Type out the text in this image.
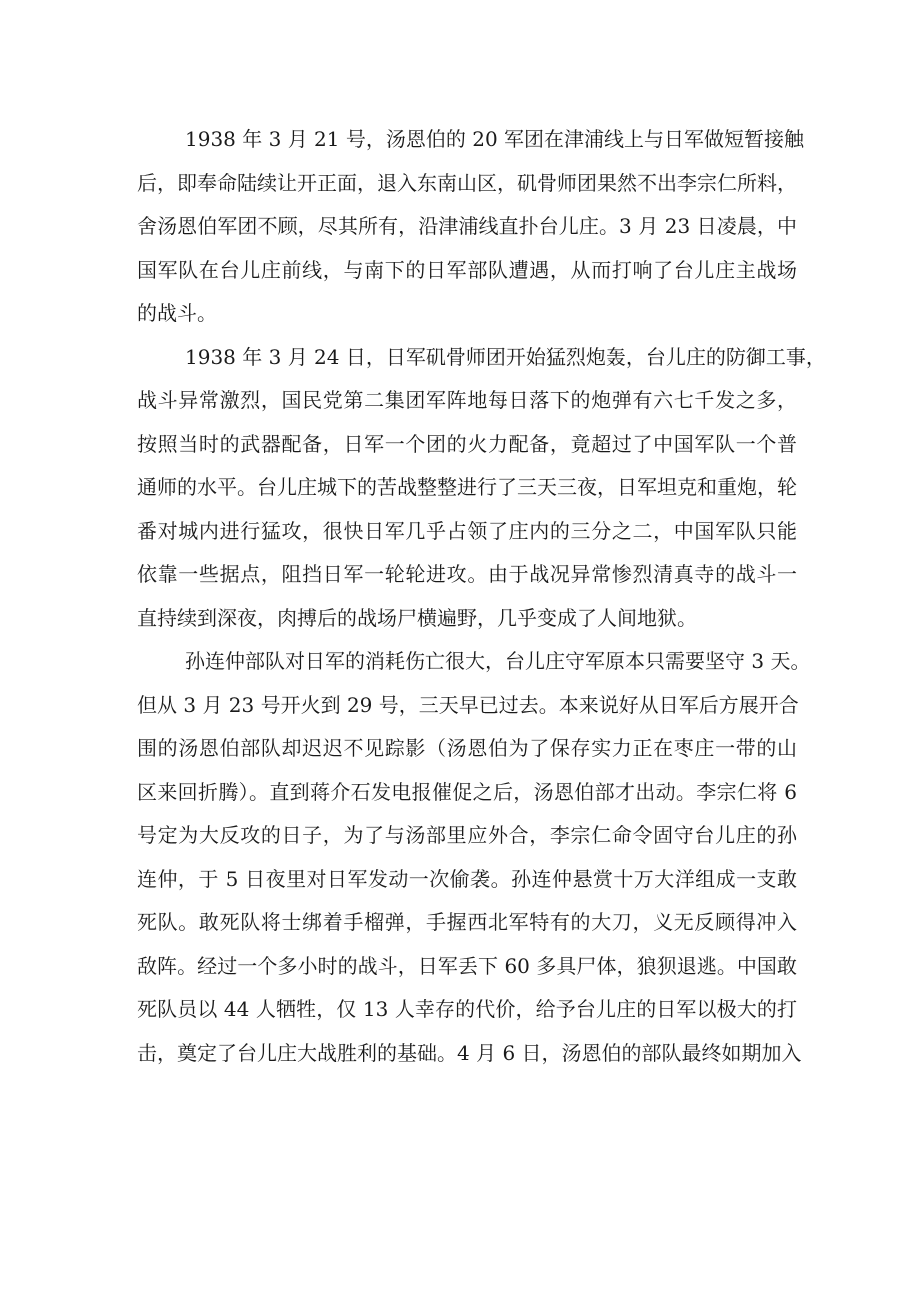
1938 年 3 月 21 号，汤恩伯的 20 军团在津浦线上与日军做短暂接触
后，即奉命陆续让开正面，退入东南山区，矶骨师团果然不出李宗仁所料，
舍汤恩伯军团不顾，尽其所有，沿津浦线直扑台儿庄。3 月 23 日凌晨，中
国军队在台儿庄前线，与南下的日军部队遭遇，从而打响了台儿庄主战场
的战斗。
1938 年 3 月 24 日，日军矶骨师团开始猛烈炮轰，台儿庄的防御工事，
战斗异常激烈，国民党第二集团军阵地每日落下的炮弹有六七千发之多，
按照当时的武器配备，日军一个团的火力配备，竟超过了中国军队一个普
通师的水平。台儿庄城下的苦战整整进行了三天三夜，日军坦克和重炮，轮
番对城内进行猛攻，很快日军几乎占领了庄内的三分之二，中国军队只能
依靠一些据点，阻挡日军一轮轮进攻。由于战况异常惨烈清真寺的战斗一
直持续到深夜，肉搏后的战场尸横遍野，几乎变成了人间地狱。
孙连仲部队对日军的消耗伤亡很大，台儿庄守军原本只需要坚守 3 天。
但从 3 月 23 号开火到 29 号，三天早已过去。本来说好从日军后方展开合
围的汤恩伯部队却迟迟不见踪影（汤恩伯为了保存实力正在枣庄一带的山
区来回折腾）。直到蒋介石发电报催促之后，汤恩伯部才出动。李宗仁将 6
号定为大反攻的日子，为了与汤部里应外合，李宗仁命令固守台儿庄的孙
连仲，于 5 日夜里对日军发动一次偷袭。孙连仲悬赏十万大洋组成一支敢
死队。敢死队将士绑着手榴弹，手握西北军特有的大刀，义无反顾得冲入
敌阵。经过一个多小时的战斗，日军丢下 60 多具尸体，狼狈退逃。中国敢
死队员以 44 人牺牲，仅 13 人幸存的代价，给予台儿庄的日军以极大的打
击，奠定了台儿庄大战胜利的基础。4 月 6 日，汤恩伯的部队最终如期加入
